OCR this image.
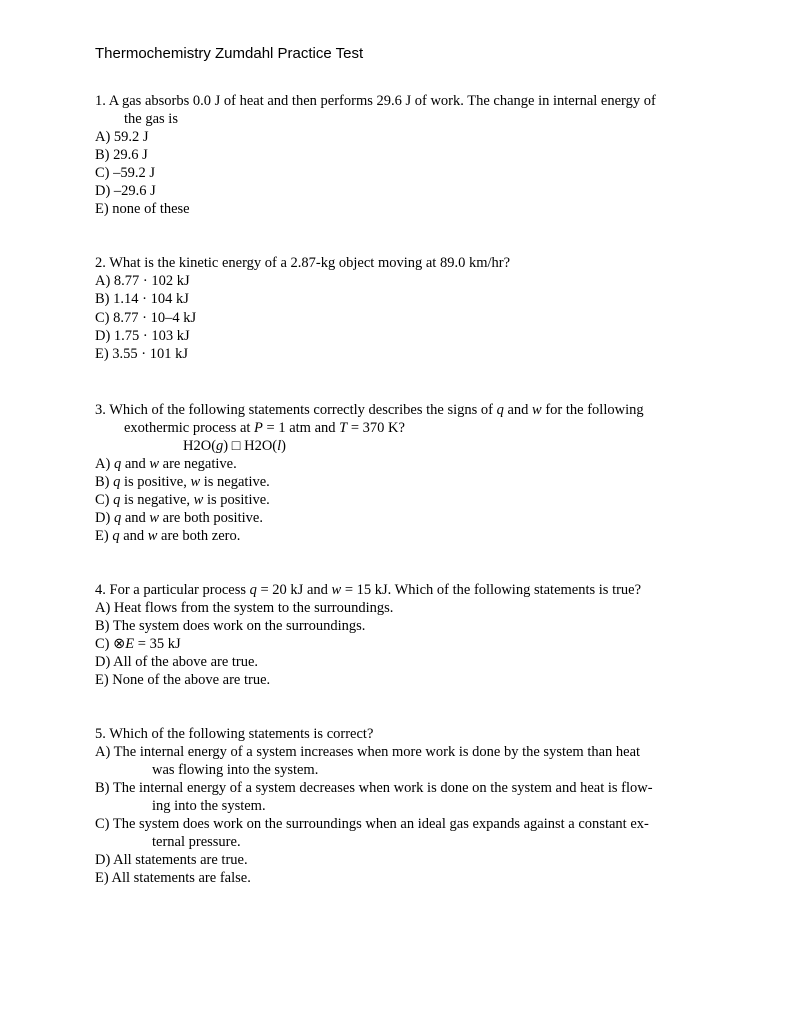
Thermochemistry Zumdahl Practice Test
1. A gas absorbs 0.0 J of heat and then performs 29.6 J of work. The change in internal energy of
the gas is
A) 59.2 J
B) 29.6 J
C) –59.2 J
D) –29.6 J
E) none of these
2. What is the kinetic energy of a 2.87-kg object moving at 89.0 km/hr?
A) 8.77 · 102 kJ
B) 1.14 · 104 kJ
C) 8.77 · 10–4 kJ
D) 1.75 · 103 kJ
E) 3.55 · 101 kJ
3. Which of the following statements correctly describes the signs of q and w for the following
exothermic process at P = 1 atm and T = 370 K?
H2O(g) □ H2O(l)
A) q and w are negative.
B) q is positive, w is negative.
C) q is negative, w is positive.
D) q and w are both positive.
E) q and w are both zero.
4. For a particular process q = 20 kJ and w = 15 kJ. Which of the following statements is true?
A) Heat flows from the system to the surroundings.
B) The system does work on the surroundings.
C) ⊗E = 35 kJ
D) All of the above are true.
E) None of the above are true.
5. Which of the following statements is correct?
A) The internal energy of a system increases when more work is done by the system than heat
was flowing into the system.
B) The internal energy of a system decreases when work is done on the system and heat is flow-
ing into the system.
C) The system does work on the surroundings when an ideal gas expands against a constant ex-
ternal pressure.
D) All statements are true.
E) All statements are false.
